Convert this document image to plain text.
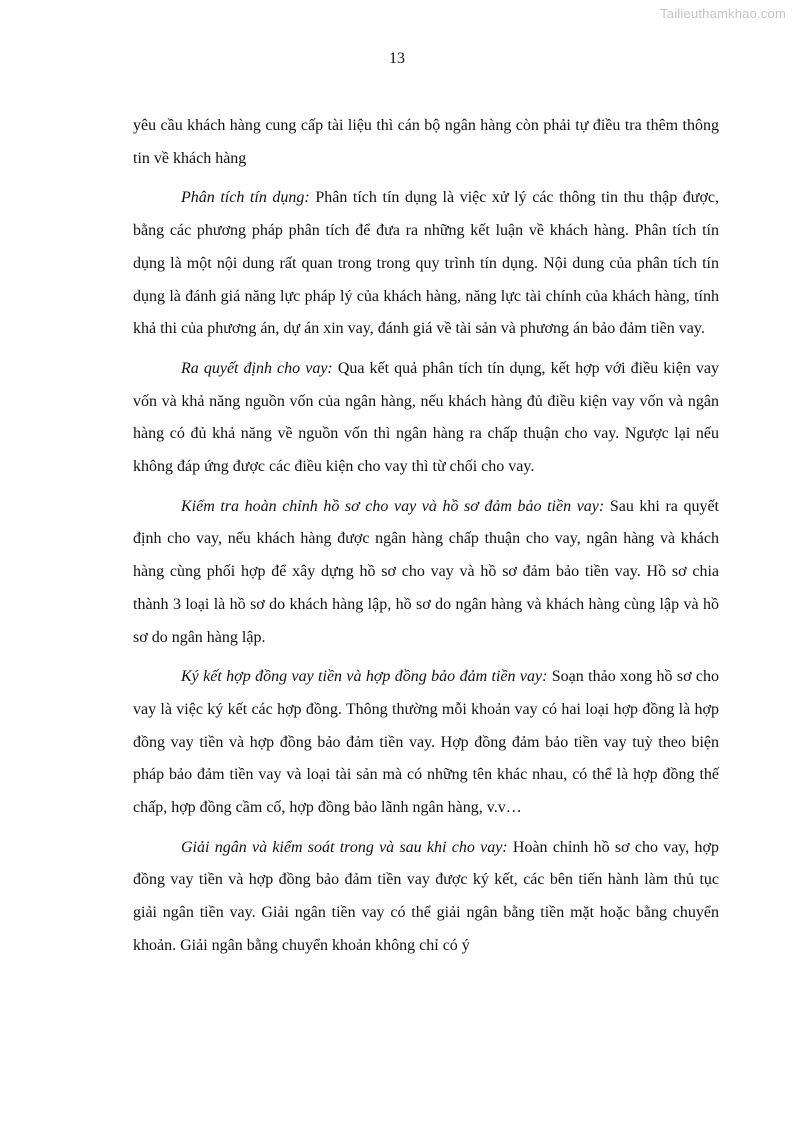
Tailieuthamkhao.com
13

yêu cầu khách hàng cung cấp tài liệu thì cán bộ ngân hàng còn phải tự điều tra thêm thông tin về khách hàng

Phân tích tín dụng: Phân tích tín dụng là việc xử lý các thông tin thu thập được, bằng các phương pháp phân tích để đưa ra những kết luận về khách hàng. Phân tích tín dụng là một nội dung rất quan trong trong quy trình tín dụng. Nội dung của phân tích tín dụng là đánh giá năng lực pháp lý của khách hàng, năng lực tài chính của khách hàng, tính khả thi của phương án, dự án xin vay, đánh giá về tài sản và phương án bảo đảm tiền vay.

Ra quyết định cho vay: Qua kết quả phân tích tín dụng, kết hợp với điều kiện vay vốn và khả năng nguồn vốn của ngân hàng, nếu khách hàng đủ điều kiện vay vốn và ngân hàng có đủ khả năng về nguồn vốn thì ngân hàng ra chấp thuận cho vay. Ngược lại nếu không đáp ứng được các điều kiện cho vay thì từ chối cho vay.

Kiểm tra hoàn chỉnh hồ sơ cho vay và hồ sơ đảm bảo tiền vay: Sau khi ra quyết định cho vay, nếu khách hàng được ngân hàng chấp thuận cho vay, ngân hàng và khách hàng cùng phối hợp để xây dựng hồ sơ cho vay và hồ sơ đảm bảo tiền vay. Hồ sơ chia thành 3 loại là hồ sơ do khách hàng lập, hồ sơ do ngân hàng và khách hàng cùng lập và hồ sơ do ngân hàng lập.

Ký kết hợp đồng vay tiền và hợp đồng bảo đảm tiền vay: Soạn thảo xong hồ sơ cho vay là việc ký kết các hợp đồng. Thông thường mỗi khoản vay có hai loại hợp đồng là hợp đồng vay tiền và hợp đồng bảo đảm tiền vay. Hợp đồng đảm bảo tiền vay tuỳ theo biện pháp bảo đảm tiền vay và loại tài sản mà có những tên khác nhau, có thể là hợp đồng thế chấp, hợp đồng cầm cố, hợp đồng bảo lãnh ngân hàng, v.v…

Giải ngân và kiểm soát trong và sau khi cho vay: Hoàn chỉnh hồ sơ cho vay, hợp đồng vay tiền và hợp đồng bảo đảm tiền vay được ký kết, các bên tiến hành làm thủ tục giải ngân tiền vay. Giải ngân tiền vay có thể giải ngân bằng tiền mặt hoặc bằng chuyển khoản. Giải ngân bằng chuyển khoản không chỉ có ý
